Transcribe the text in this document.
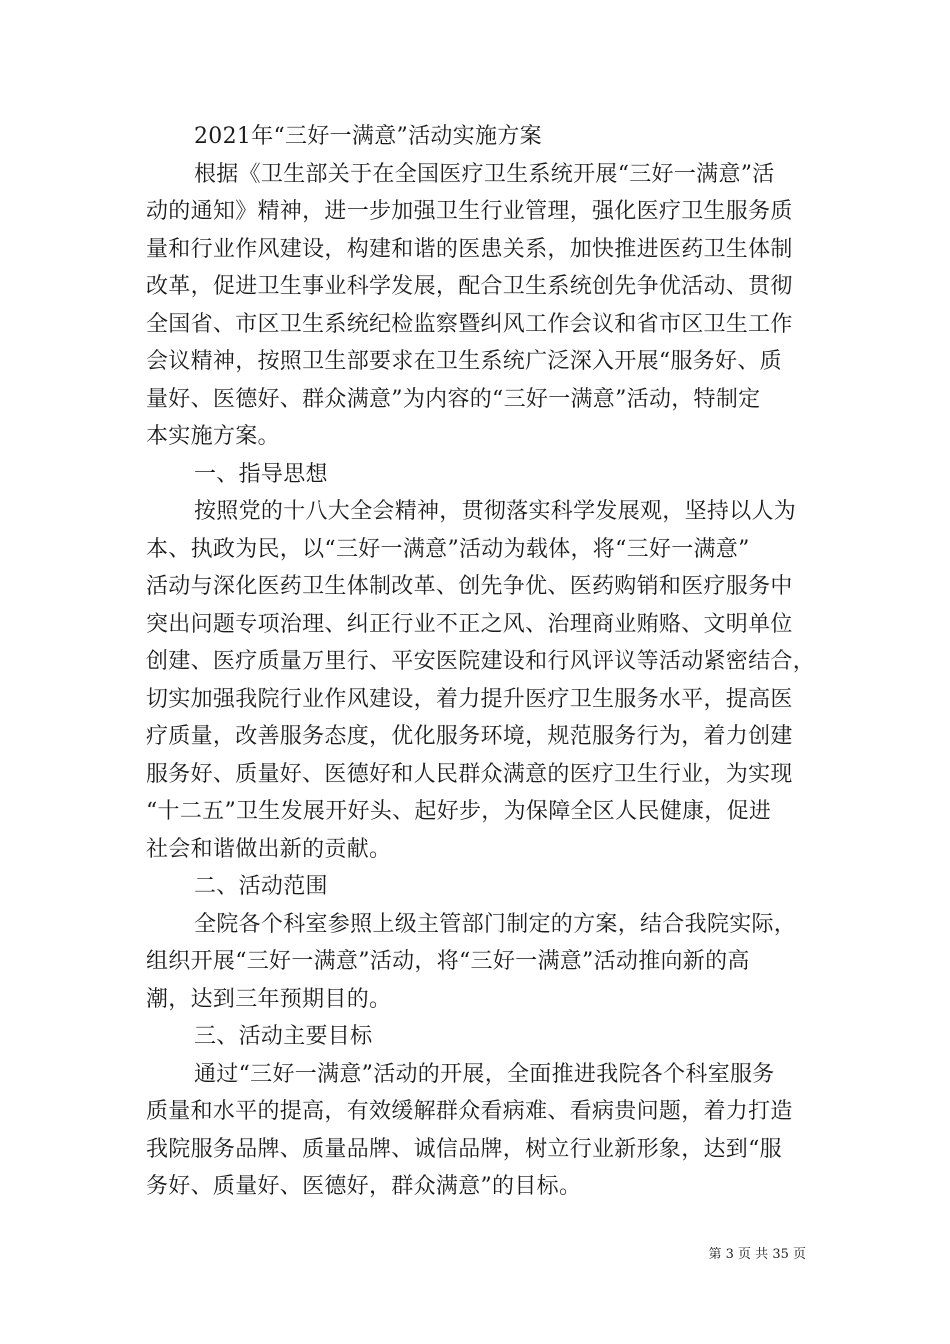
2021年“三好一满意”活动实施方案
根据《卫生部关于在全国医疗卫生系统开展“三好一满意”活
动的通知》精神，进一步加强卫生行业管理，强化医疗卫生服务质
量和行业作风建设，构建和谐的医患关系，加快推进医药卫生体制
改革，促进卫生事业科学发展，配合卫生系统创先争优活动、贯彻
全国省、市区卫生系统纪检监察暨纠风工作会议和省市区卫生工作
会议精神，按照卫生部要求在卫生系统广泛深入开展“服务好、质
量好、医德好、群众满意”为内容的“三好一满意”活动，特制定
本实施方案。
一、指导思想
按照党的十八大全会精神，贯彻落实科学发展观，坚持以人为
本、执政为民，以“三好一满意”活动为载体，将“三好一满意”
活动与深化医药卫生体制改革、创先争优、医药购销和医疗服务中
突出问题专项治理、纠正行业不正之风、治理商业贿赂、文明单位
创建、医疗质量万里行、平安医院建设和行风评议等活动紧密结合，
切实加强我院行业作风建设，着力提升医疗卫生服务水平，提高医
疗质量，改善服务态度，优化服务环境，规范服务行为，着力创建
服务好、质量好、医德好和人民群众满意的医疗卫生行业，为实现
“十二五”卫生发展开好头、起好步，为保障全区人民健康，促进
社会和谐做出新的贡献。
二、活动范围
全院各个科室参照上级主管部门制定的方案，结合我院实际，
组织开展“三好一满意”活动，将“三好一满意”活动推向新的高
潮，达到三年预期目的。
三、活动主要目标
通过“三好一满意”活动的开展，全面推进我院各个科室服务
质量和水平的提高，有效缓解群众看病难、看病贵问题，着力打造
我院服务品牌、质量品牌、诚信品牌，树立行业新形象，达到“服
务好、质量好、医德好，群众满意”的目标。
第 3 页 共 35 页
